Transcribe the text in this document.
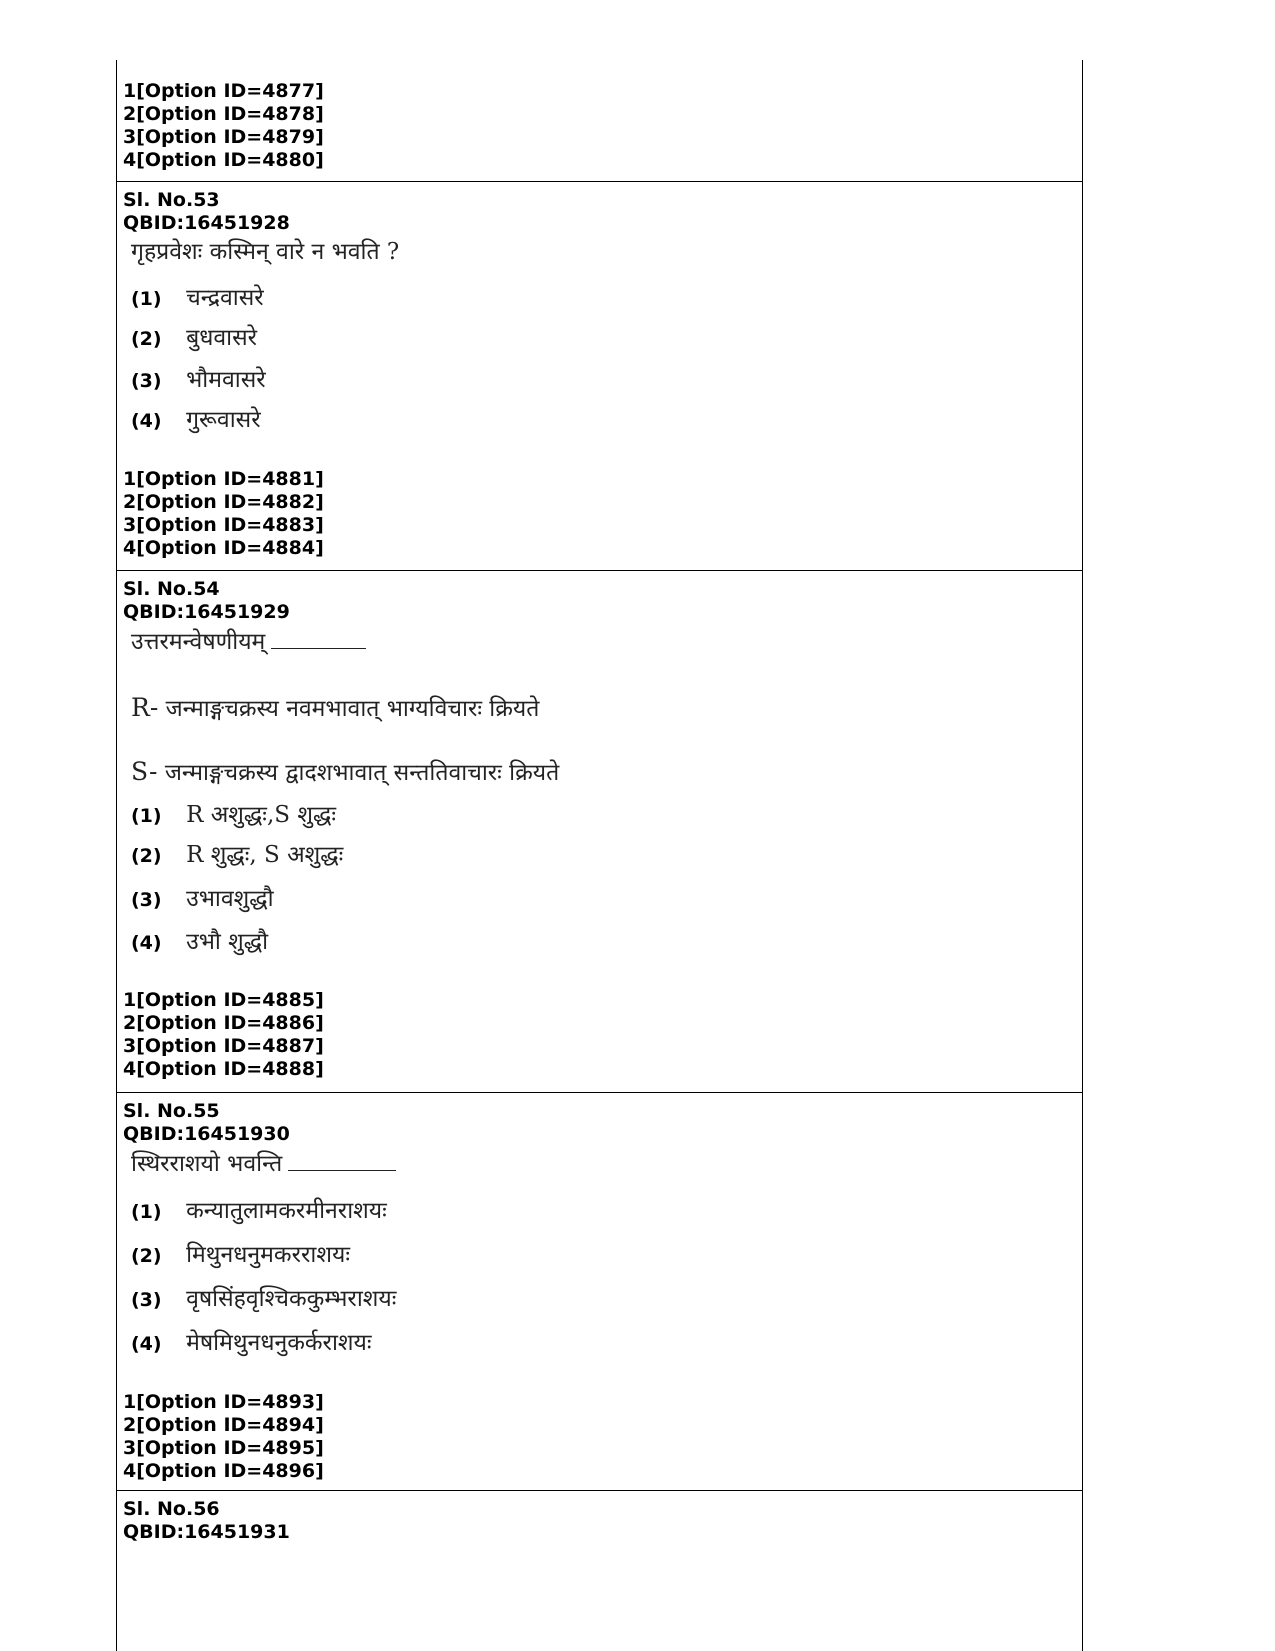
1[Option ID=4877]

2[Option ID=4878]

3[Option ID=4879]

4[Option ID=4880]

Sl. No.53

QBID:16451928

गृहप्रवेशः कस्मिन् वारे न भवति ?

(1) चन्द्रवासरे
(2) बुधवासरे
(3) भौमवासरे
(4) गुरूवासरे

1[Option ID=4881]

2[Option ID=4882]

3[Option ID=4883]

4[Option ID=4884]

Sl. No.54

QBID:16451929

उत्तरमन्वेषणीयम्

R- जन्माङ्गचक्रस्य नवमभावात् भाग्यविचारः क्रियते
S- जन्माङ्गचक्रस्य द्वादशभावात् सन्ततिवाचारः क्रियते
(1) R अशुद्धः,S शुद्धः
(2) R शुद्धः, S अशुद्धः
(3) उभावशुद्धौ
(4) उभौ शुद्धौ

1[Option ID=4885]

2[Option ID=4886]

3[Option ID=4887]

4[Option ID=4888]

Sl. No.55

QBID:16451930

स्थिरराशयो भवन्ति

(1) कन्यातुलामकरमीनराशयः
(2) मिथुनधनुमकरराशयः
(3) वृषसिंहवृश्चिककुम्भराशयः
(4) मेषमिथुनधनुकर्कराशयः

1[Option ID=4893]

2[Option ID=4894]

3[Option ID=4895]

4[Option ID=4896]

Sl. No.56

QBID:16451931
